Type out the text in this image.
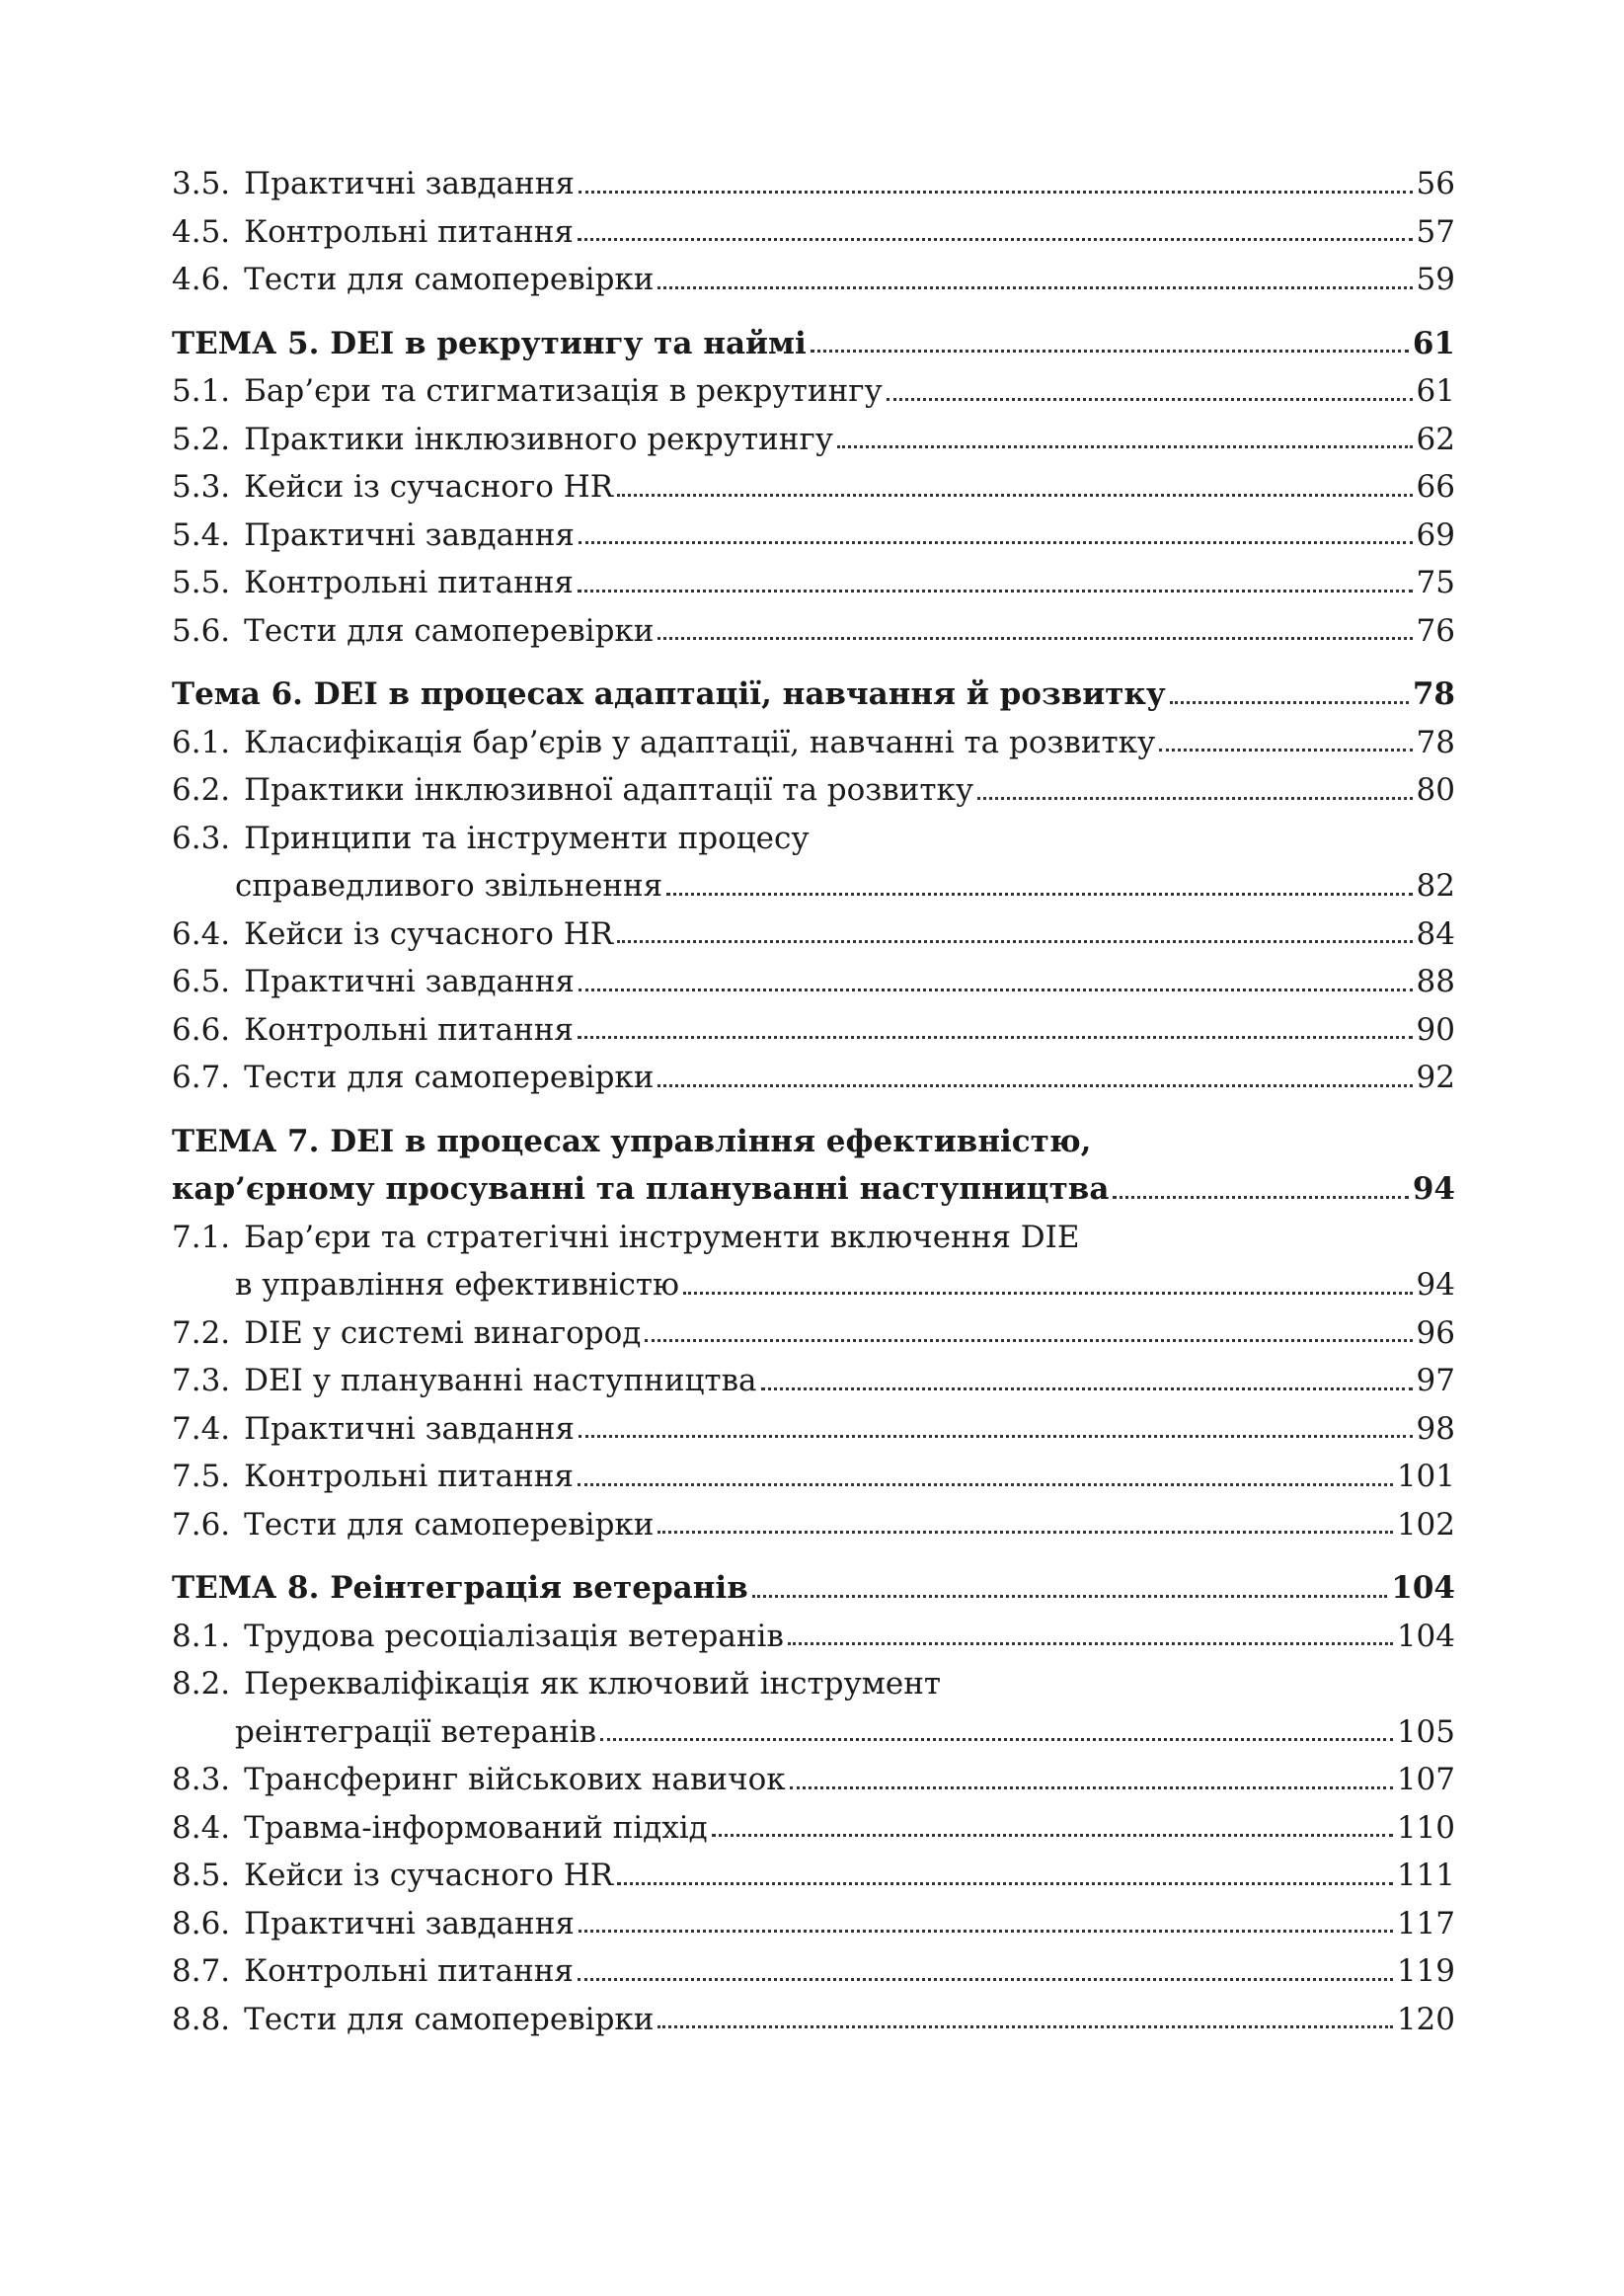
3.5. Практичні завдання	56
4.5. Контрольні питання	57
4.6. Тести для самоперевірки	59
ТЕМА 5. DEI в рекрутингу та наймі	61
5.1. Бар’єри та стигматизація в рекрутингу	61
5.2. Практики інклюзивного рекрутингу	62
5.3. Кейси із сучасного HR	66
5.4. Практичні завдання	69
5.5. Контрольні питання	75
5.6. Тести для самоперевірки	76
Тема 6. DEI в процесах адаптації, навчання й розвитку	78
6.1. Класифікація бар’єрів у адаптації, навчанні та розвитку	78
6.2. Практики інклюзивної адаптації та розвитку	80
6.3. Принципи та інструменти процесу
справедливого звільнення	82
6.4. Кейси із сучасного HR	84
6.5. Практичні завдання	88
6.6. Контрольні питання	90
6.7. Тести для самоперевірки	92
ТЕМА 7. DEI в процесах управління ефективністю,
кар’єрному просуванні та плануванні наступництва	94
7.1. Бар’єри та стратегічні інструменти включення DIE
в управління ефективністю	94
7.2. DIE у системі винагород	96
7.3. DEI у плануванні наступництва	97
7.4. Практичні завдання	98
7.5. Контрольні питання	101
7.6. Тести для самоперевірки	102
ТЕМА 8. Реінтеграція ветеранів	104
8.1. Трудова ресоціалізація ветеранів	104
8.2. Перекваліфікація як ключовий інструмент
реінтеграції ветеранів	105
8.3. Трансферинг військових навичок	107
8.4. Травма-інформований підхід	110
8.5. Кейси із сучасного HR	111
8.6. Практичні завдання	117
8.7. Контрольні питання	119
8.8. Тести для самоперевірки	120
